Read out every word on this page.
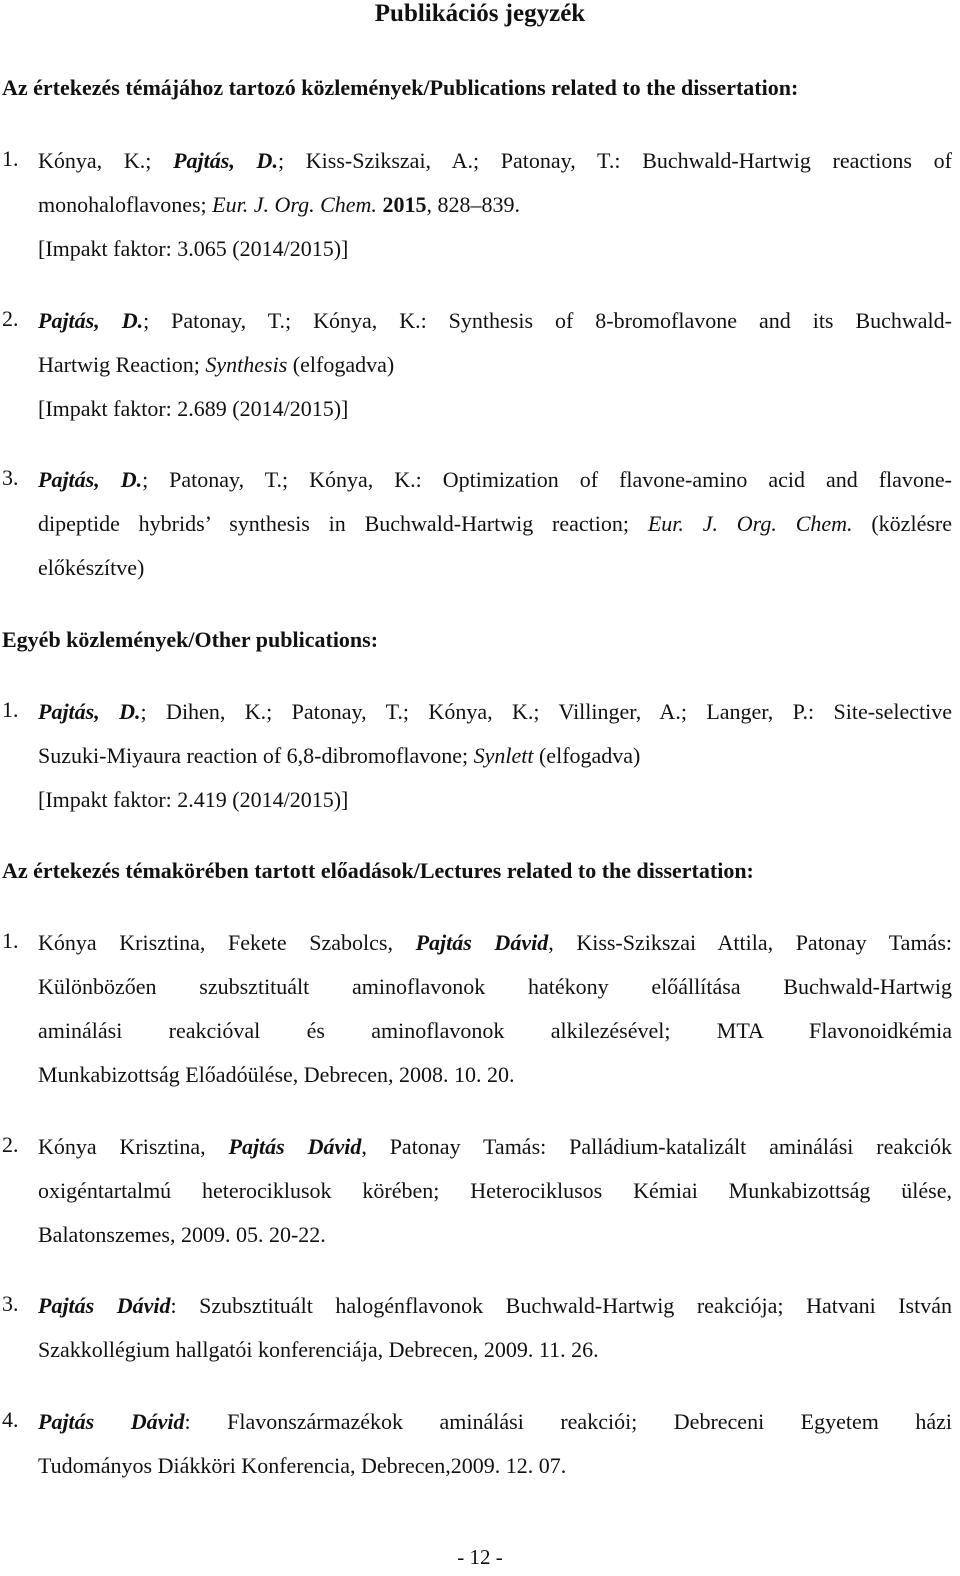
Publikációs jegyzék
Az értekezés témájához tartozó közlemények/Publications related to the dissertation:
1. Kónya, K.; Pajtás, D.; Kiss-Szikszai, A.; Patonay, T.: Buchwald-Hartwig reactions of
monohaloflavones; Eur. J. Org. Chem. 2015, 828–839.
[Impakt faktor: 3.065 (2014/2015)]
2. Pajtás, D.; Patonay, T.; Kónya, K.: Synthesis of 8-bromoflavone and its Buchwald-
Hartwig Reaction; Synthesis (elfogadva)
[Impakt faktor: 2.689 (2014/2015)]
3. Pajtás, D.; Patonay, T.; Kónya, K.: Optimization of flavone-amino acid and flavone-
dipeptide hybrids’ synthesis in Buchwald-Hartwig reaction; Eur. J. Org. Chem. (közlésre
előkészítve)
Egyéb közlemények/Other publications:
1. Pajtás, D.; Dihen, K.; Patonay, T.; Kónya, K.; Villinger, A.; Langer, P.: Site-selective
Suzuki-Miyaura reaction of 6,8-dibromoflavone; Synlett (elfogadva)
[Impakt faktor: 2.419 (2014/2015)]
Az értekezés témakörében tartott előadások/Lectures related to the dissertation:
1. Kónya Krisztina, Fekete Szabolcs, Pajtás Dávid, Kiss-Szikszai Attila, Patonay Tamás:
Különbözően szubsztituált aminoflavonok hatékony előállítása Buchwald-Hartwig
aminálási reakcióval és aminoflavonok alkilezésével; MTA Flavonoidkémia
Munkabizottság Előadóülése, Debrecen, 2008. 10. 20.
2. Kónya Krisztina, Pajtás Dávid, Patonay Tamás: Palládium-katalizált aminálási reakciók
oxigéntartalmú heterociklusok körében; Heterociklusos Kémiai Munkabizottság ülése,
Balatonszemes, 2009. 05. 20-22.
3. Pajtás Dávid: Szubsztituált halogénflavonok Buchwald-Hartwig reakciója; Hatvani István
Szakkollégium hallgatói konferenciája, Debrecen, 2009. 11. 26.
4. Pajtás Dávid: Flavonszármazékok aminálási reakciói; Debreceni Egyetem házi
Tudományos Diákköri Konferencia, Debrecen,2009. 12. 07.
- 12 -
